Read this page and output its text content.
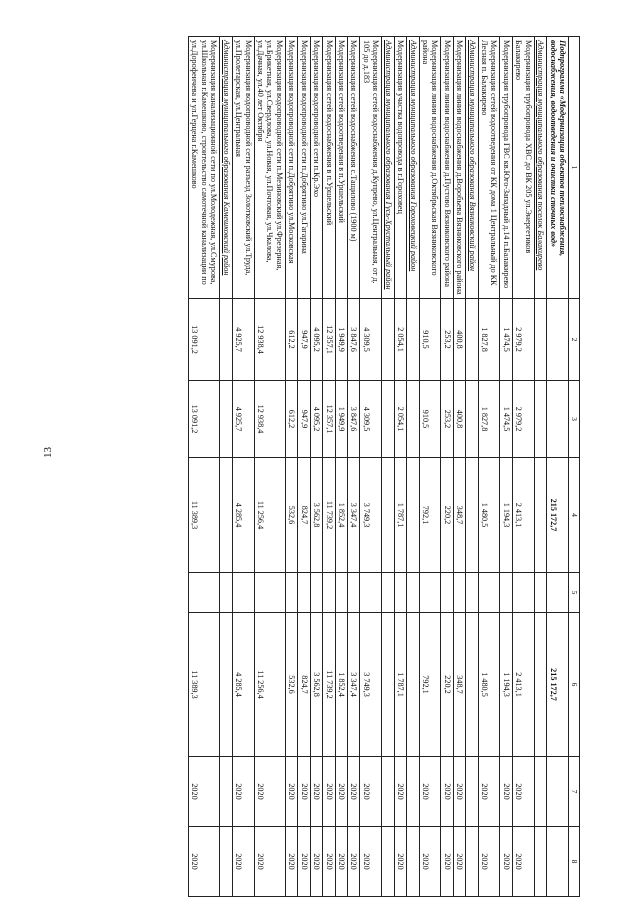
13
1	2	3	4	5	6	7	8
Подпрограмма «Модернизация объектов теплоснабжения, водоснабжения, водоотведения и очистки сточных вод»			215 172,7		215 172,7		
Администрация муниципального образования поселок Балакирево							
Модернизация трубопровода ХВС до ВК 205 ул.Энергетиков Балакирево	2 979,2	2 979,2	2 413,1		2 413,1	2020	2020
Модернизация трубопровода ГВС кв.Юго-Западный д.14 п.Балакирево	1 474,5	1 474,5	1 194,3		1 194,3	2020	2020
Модернизация сетей водоотведения от КК дома 1 Центральный до КК Лесная п. Балакирево	1 827,8	1 827,8	1 480,5		1 480,5	2020	2020
Администрация муниципального образования Вязниковский район							
Модернизация линии водоснабжения д.Воробьева Вязниковского района	400,8	400,8	348,7		348,7	2020	2020
Модернизация линии водоснабжения д.Пустово Вязниковского района	253,2	253,2	220,2		220,2	2020	2020
Модернизация линии водоснабжения д.Октябрьская Вязниковского района	910,5	910,5	792,1		792,1	2020	2020
Администрация муниципального образования Гороховецкий район							
Модернизация участка водопровода в г.Гороховец	2 054,1	2 054,1	1 787,1		1 787,1	2020	2020
Администрация муниципального образования Гусь-Хрустальный район							
Модернизация сетей водоснабжения д.Купрево, ул.Центральная, от д. 105 до д.183	4 309,5	4 309,5	3 749,3		3 749,3	2020	2020
Модернизация сетей водоснабжения с.Тащилово (1900 м)	3 847,6	3 847,6	3 347,4		3 347,4	2020	2020
Модернизация сетей водоотведения в п.Уршельский	1 949,9	1 949,9	1 852,4		1 852,4	2020	2020
Модернизация сетей водоснабжения в п.Уршельский	12 357,1	12 357,1	11 739,2		11 739,2	2020	2020
Модернизация водопроводной сети п.Кр.Эхо	4 095,2	4 095,2	3 562,8		3 562,8	2020	2020
Модернизация водопроводной сети п.Добрятино ул.Гагарина	947,9	947,9	824,7		824,7	2020	2020
Модернизация водопроводной сети п.Добрятино ул.Московская	612,2	612,2	532,6		532,6	2020	2020
Модернизация водопроводной сети п.Мезиновский ул.Фрезерная, ул.Брикетная, ул.Свердлова, ул.Новая, ул.Почтовая, ул.Чкалова, ул.Дачная, ул.40 лет Октября	12 938,4	12 938,4	11 256,4		11 256,4	2020	2020
Модернизация водопроводной сети разъезд Золотковский ул.Труда, ул.Пролетарская, ул.Центральная	4 925,7	4 925,7	4 285,4		4 285,4	2020	2020
Администрация муниципального образования Камешковский район							
Модернизация канализационной сети по ул.Молодежная, ул.Смурова, ул.Школьная г.Камешково, строительство самотечной канализации по ул.Дорофеичева и ул.Герцена г.Камешково	13 091,2	13 091,2	11 389,3		11 389,3	2020	2020
